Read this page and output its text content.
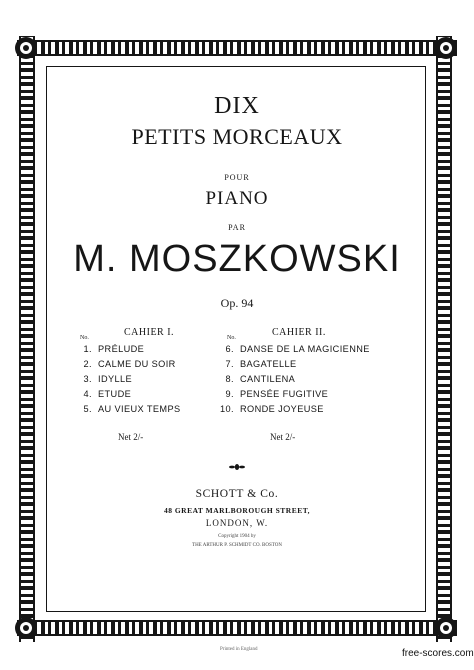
DIX
PETITS MORCEAUX
POUR
PIANO
PAR
M. MOSZKOWSKI
Op. 94
CAHIER I.
No.
1. PRÉLUDE
2. CALME DU SOIR
3. IDYLLE
4. ETUDE
5. AU VIEUX TEMPS
Net 2/-
CAHIER II.
No.
6. DANSE DE LA MAGICIENNE
7. BAGATELLE
8. CANTILENA
9. PENSÉE FUGITIVE
10. RONDE JOYEUSE
Net 2/-
SCHOTT & Co.
48 GREAT MARLBOROUGH STREET,
LONDON, W.
Copyright 1904 by
THE ARTHUR P. SCHMIDT CO. BOSTON
Printed in England	free-scores.com
